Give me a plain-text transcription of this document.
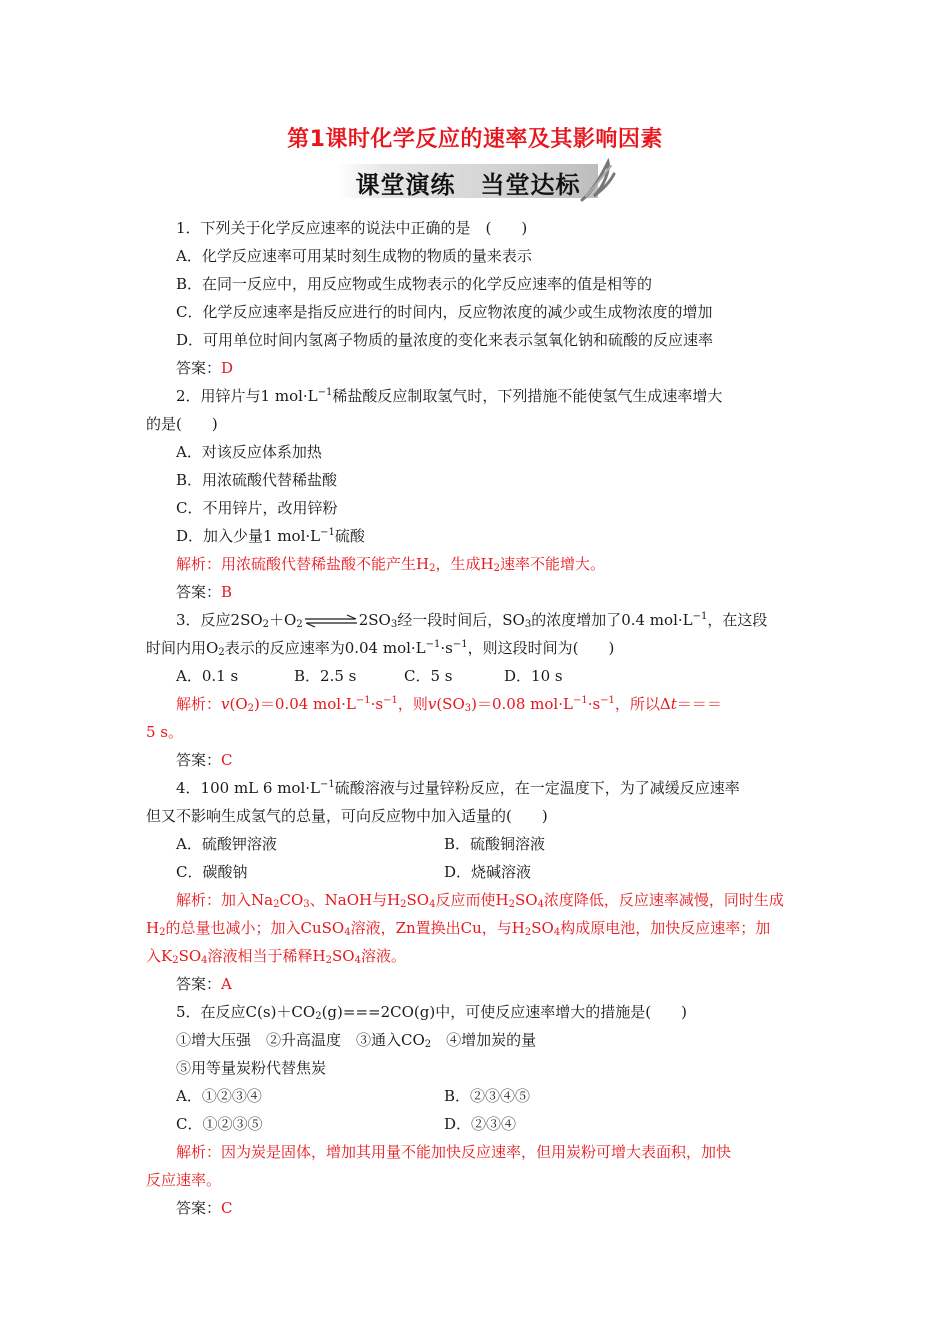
第1课时化学反应的速率及其影响因素
课堂演练　当堂达标
1．下列关于化学反应速率的说法中正确的是　(　　)
A．化学反应速率可用某时刻生成物的物质的量来表示
B．在同一反应中，用反应物或生成物表示的化学反应速率的值是相等的
C．化学反应速率是指反应进行的时间内，反应物浓度的减少或生成物浓度的增加
D．可用单位时间内氢离子物质的量浓度的变化来表示氢氧化钠和硫酸的反应速率
答案：D
2．用锌片与1 $mol\cdot L^{-1}$稀盐酸反应制取氢气时，下列措施不能使氢气生成速率增大
的是(　　)
A．对该反应体系加热
B．用浓硫酸代替稀盐酸
C．不用锌片，改用锌粉
D．加入少量1 $mol\cdot L^{-1}$硫酸
解析：用浓硫酸代替稀盐酸不能产生$H_2$，生成$H_2$速率不能增大。
答案：B
3．反应$2SO_2+O_2\rightleftharpoons 2SO_3$经一段时间后，$SO_3$的浓度增加了0.4 $mol\cdot L^{-1}$，在这段
时间内用$O_2$表示的反应速率为0.04 $mol\cdot L^{-1}\cdot s^{-1}$，则这段时间为(　　)
A．0.1 s	B．2.5 s	C．5 s	D．10 s
解析：$v(O_2)=0.04$ $mol\cdot L^{-1}\cdot s^{-1}$，则$v(SO_3)=0.08$ $mol\cdot L^{-1}\cdot s^{-1}$，所以Δt＝＝＝
5 s。
答案：C
4．100 mL 6 $mol\cdot L^{-1}$硫酸溶液与过量锌粉反应，在一定温度下，为了减缓反应速率
但又不影响生成氢气的总量，可向反应物中加入适量的(　　)
A．硫酸钾溶液	B．硫酸铜溶液
C．碳酸钠	D．烧碱溶液
解析：加入$Na_2CO_3$、NaOH与$H_2SO_4$反应而使$H_2SO_4$浓度降低，反应速率减慢，同时生成
$H_2$的总量也减小；加入CuSO$_4$溶液，Zn置换出Cu，与$H_2SO_4$构成原电池，加快反应速率；加
入$K_2SO_4$溶液相当于稀释$H_2SO_4$溶液。
答案：A
5．在反应$C(s)+CO_2(g)===2CO(g)$中，可使反应速率增大的措施是(　　)
①增大压强　②升高温度　③通入$CO_2$　④增加炭的量
⑤用等量炭粉代替焦炭
A．①②③④	B．②③④⑤
C．①②③⑤	D．②③④
解析：因为炭是固体，增加其用量不能加快反应速率，但用炭粉可增大表面积，加快
反应速率。
答案：C
